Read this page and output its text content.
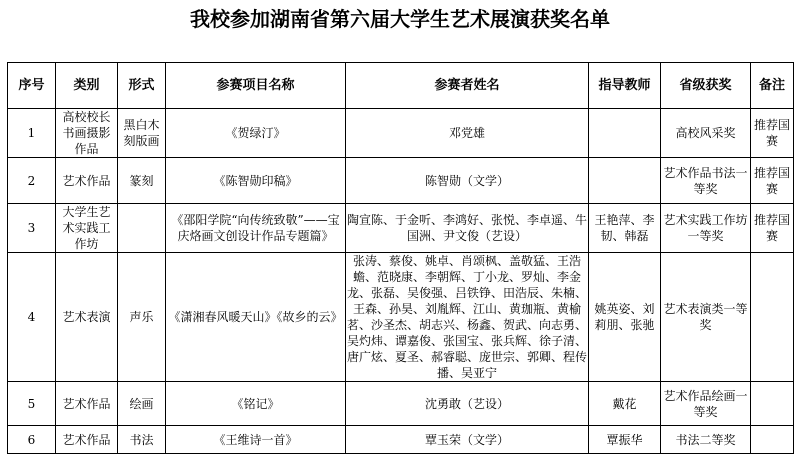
我校参加湖南省第六届大学生艺术展演获奖名单
序号	类别	形式	参赛项目名称	参赛者姓名	指导教师	省级获奖	备注
1	高校校长书画摄影作品	黑白木刻版画	《贺绿汀》	邓党雄		高校风采奖	推荐国赛
2	艺术作品	篆刻	《陈智勋印稿》	陈智勋（文学）		艺术作品书法一等奖	推荐国赛
3	大学生艺术实践工作坊		《邵阳学院“向传统致敬”——宝庆烙画文创设计作品专题篇》	陶宣陈、于金听、李鸿好、张悦、李卓遥、牛国洲、尹文俊（艺设）	王艳萍、李韧、韩磊	艺术实践工作坊一等奖	推荐国赛
4	艺术表演	声乐	《潇湘春风暖天山》《故乡的云》	张涛、蔡俊、姚卓、肖颂枫、盖敬猛、王浩蟾、范晓康、李朝辉、丁小龙、罗灿、李金龙、张磊、吴俊强、吕铁铮、田浩辰、朱楠、王森、孙昊、刘胤辉、江山、黄珈瓶、黄榆茗、沙圣杰、胡志兴、杨鑫、贺武、向志勇、吴灼炜、谭嘉俊、张国宝、张兵辉、徐子清、唐广炫、夏圣、郝睿聪、庞世宗、郭卿、程传播、吴亚宁	姚英姿、刘莉朋、张驰	艺术表演类一等奖	
5	艺术作品	绘画	《铭记》	沈勇敢（艺设）	戴花	艺术作品绘画一等奖	
6	艺术作品	书法	《王维诗一首》	覃玉荣（文学）	覃振华	书法二等奖	
